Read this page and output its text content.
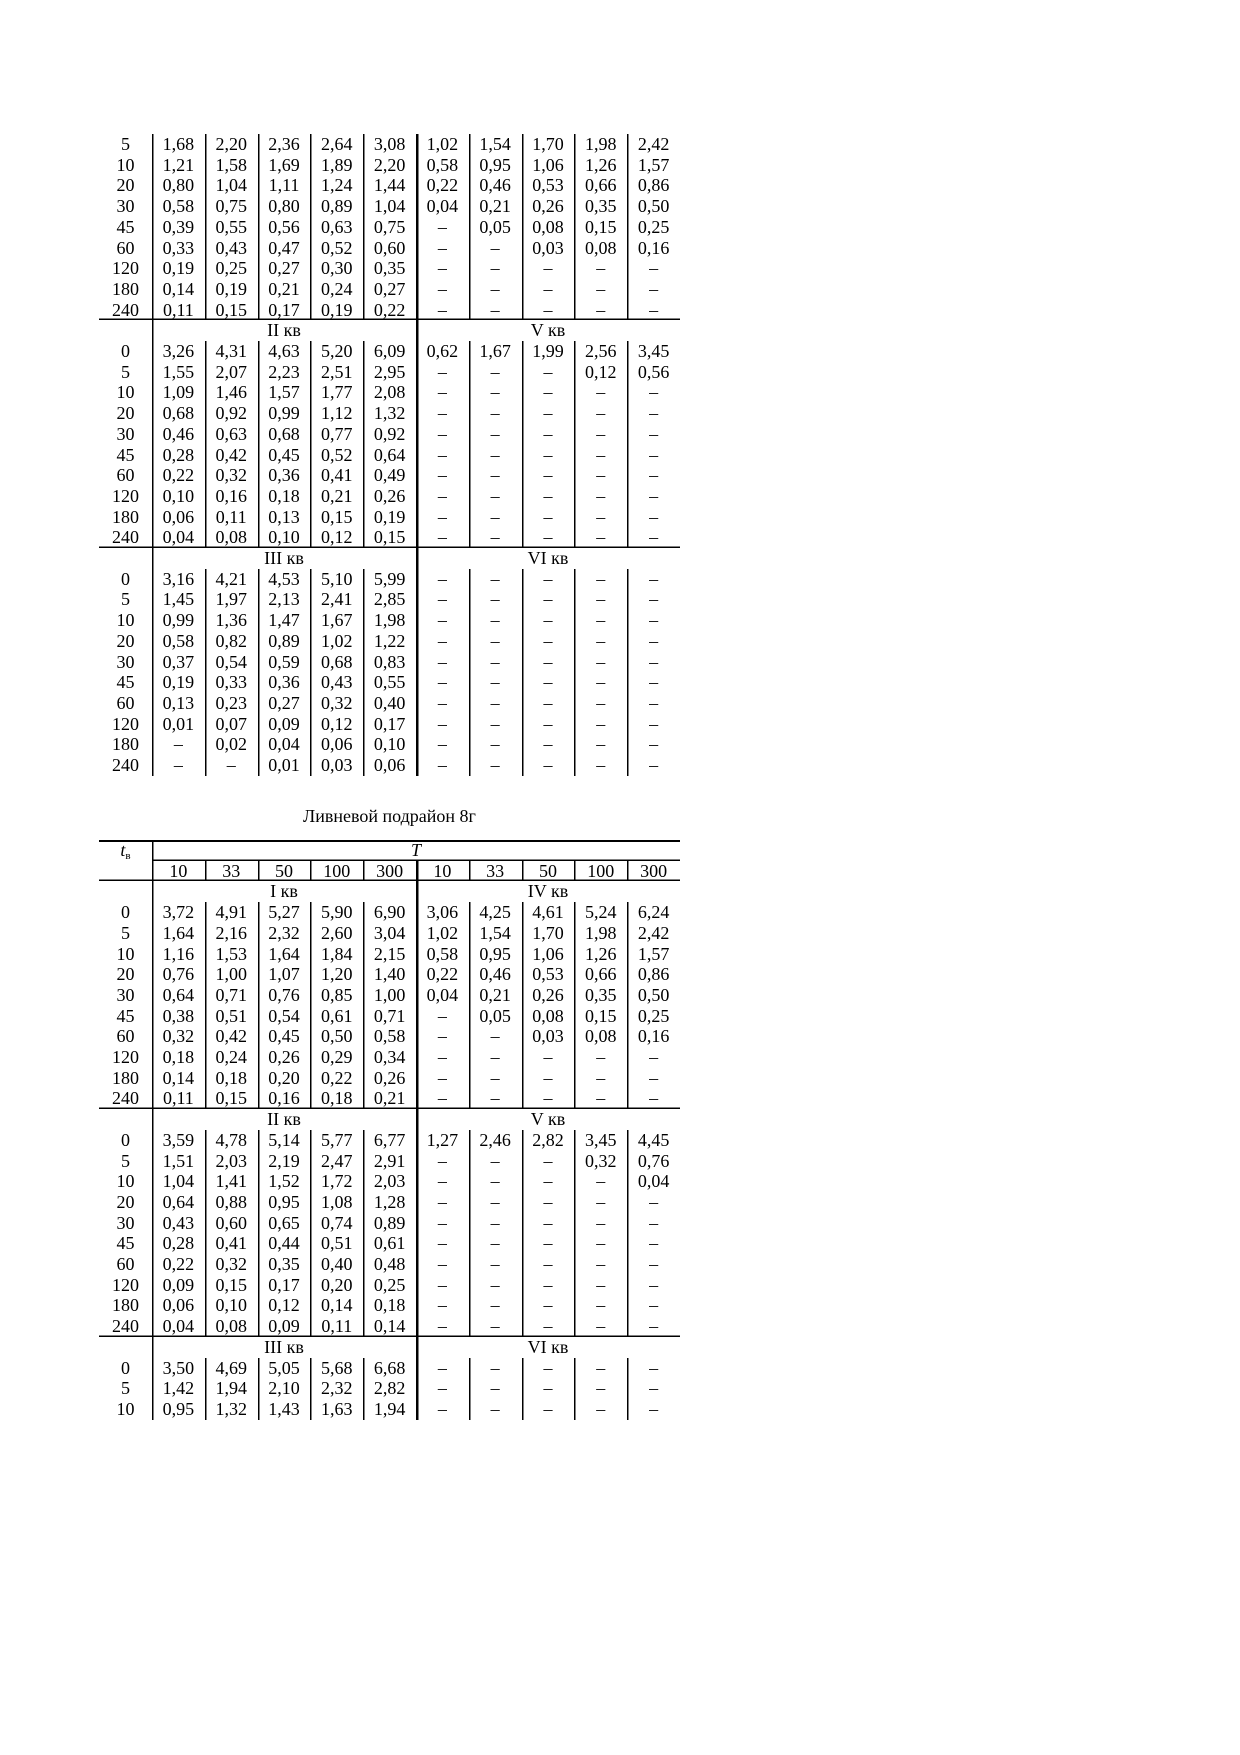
5	1,68	2,20	2,36	2,64	3,08	1,02	1,54	1,70	1,98	2,42
10	1,21	1,58	1,69	1,89	2,20	0,58	0,95	1,06	1,26	1,57
20	0,80	1,04	1,11	1,24	1,44	0,22	0,46	0,53	0,66	0,86
30	0,58	0,75	0,80	0,89	1,04	0,04	0,21	0,26	0,35	0,50
45	0,39	0,55	0,56	0,63	0,75	–	0,05	0,08	0,15	0,25
60	0,33	0,43	0,47	0,52	0,60	–	–	0,03	0,08	0,16
120	0,19	0,25	0,27	0,30	0,35	–	–	–	–	–
180	0,14	0,19	0,21	0,24	0,27	–	–	–	–	–
240	0,11	0,15	0,17	0,19	0,22	–	–	–	–	–
	II кв					V кв				
0	3,26	4,31	4,63	5,20	6,09	0,62	1,67	1,99	2,56	3,45
5	1,55	2,07	2,23	2,51	2,95	–	–	–	0,12	0,56
10	1,09	1,46	1,57	1,77	2,08	–	–	–	–	–
20	0,68	0,92	0,99	1,12	1,32	–	–	–	–	–
30	0,46	0,63	0,68	0,77	0,92	–	–	–	–	–
45	0,28	0,42	0,45	0,52	0,64	–	–	–	–	–
60	0,22	0,32	0,36	0,41	0,49	–	–	–	–	–
120	0,10	0,16	0,18	0,21	0,26	–	–	–	–	–
180	0,06	0,11	0,13	0,15	0,19	–	–	–	–	–
240	0,04	0,08	0,10	0,12	0,15	–	–	–	–	–
	III кв					VI кв				
0	3,16	4,21	4,53	5,10	5,99	–	–	–	–	–
5	1,45	1,97	2,13	2,41	2,85	–	–	–	–	–
10	0,99	1,36	1,47	1,67	1,98	–	–	–	–	–
20	0,58	0,82	0,89	1,02	1,22	–	–	–	–	–
30	0,37	0,54	0,59	0,68	0,83	–	–	–	–	–
45	0,19	0,33	0,36	0,43	0,55	–	–	–	–	–
60	0,13	0,23	0,27	0,32	0,40	–	–	–	–	–
120	0,01	0,07	0,09	0,12	0,17	–	–	–	–	–
180	–	0,02	0,04	0,06	0,10	–	–	–	–	–
240	–	–	0,01	0,03	0,06	–	–	–	–	–
Ливневой подрайон 8г
$t_в$	T									
	10	33	50	100	300	10	33	50	100	300
	I кв					IV кв				
0	3,72	4,91	5,27	5,90	6,90	3,06	4,25	4,61	5,24	6,24
5	1,64	2,16	2,32	2,60	3,04	1,02	1,54	1,70	1,98	2,42
10	1,16	1,53	1,64	1,84	2,15	0,58	0,95	1,06	1,26	1,57
20	0,76	1,00	1,07	1,20	1,40	0,22	0,46	0,53	0,66	0,86
30	0,64	0,71	0,76	0,85	1,00	0,04	0,21	0,26	0,35	0,50
45	0,38	0,51	0,54	0,61	0,71	–	0,05	0,08	0,15	0,25
60	0,32	0,42	0,45	0,50	0,58	–	–	0,03	0,08	0,16
120	0,18	0,24	0,26	0,29	0,34	–	–	–	–	–
180	0,14	0,18	0,20	0,22	0,26	–	–	–	–	–
240	0,11	0,15	0,16	0,18	0,21	–	–	–	–	–
	II кв					V кв				
0	3,59	4,78	5,14	5,77	6,77	1,27	2,46	2,82	3,45	4,45
5	1,51	2,03	2,19	2,47	2,91	–	–	–	0,32	0,76
10	1,04	1,41	1,52	1,72	2,03	–	–	–	–	0,04
20	0,64	0,88	0,95	1,08	1,28	–	–	–	–	–
30	0,43	0,60	0,65	0,74	0,89	–	–	–	–	–
45	0,28	0,41	0,44	0,51	0,61	–	–	–	–	–
60	0,22	0,32	0,35	0,40	0,48	–	–	–	–	–
120	0,09	0,15	0,17	0,20	0,25	–	–	–	–	–
180	0,06	0,10	0,12	0,14	0,18	–	–	–	–	–
240	0,04	0,08	0,09	0,11	0,14	–	–	–	–	–
	III кв					VI кв				
0	3,50	4,69	5,05	5,68	6,68	–	–	–	–	–
5	1,42	1,94	2,10	2,32	2,82	–	–	–	–	–
10	0,95	1,32	1,43	1,63	1,94	–	–	–	–	–
